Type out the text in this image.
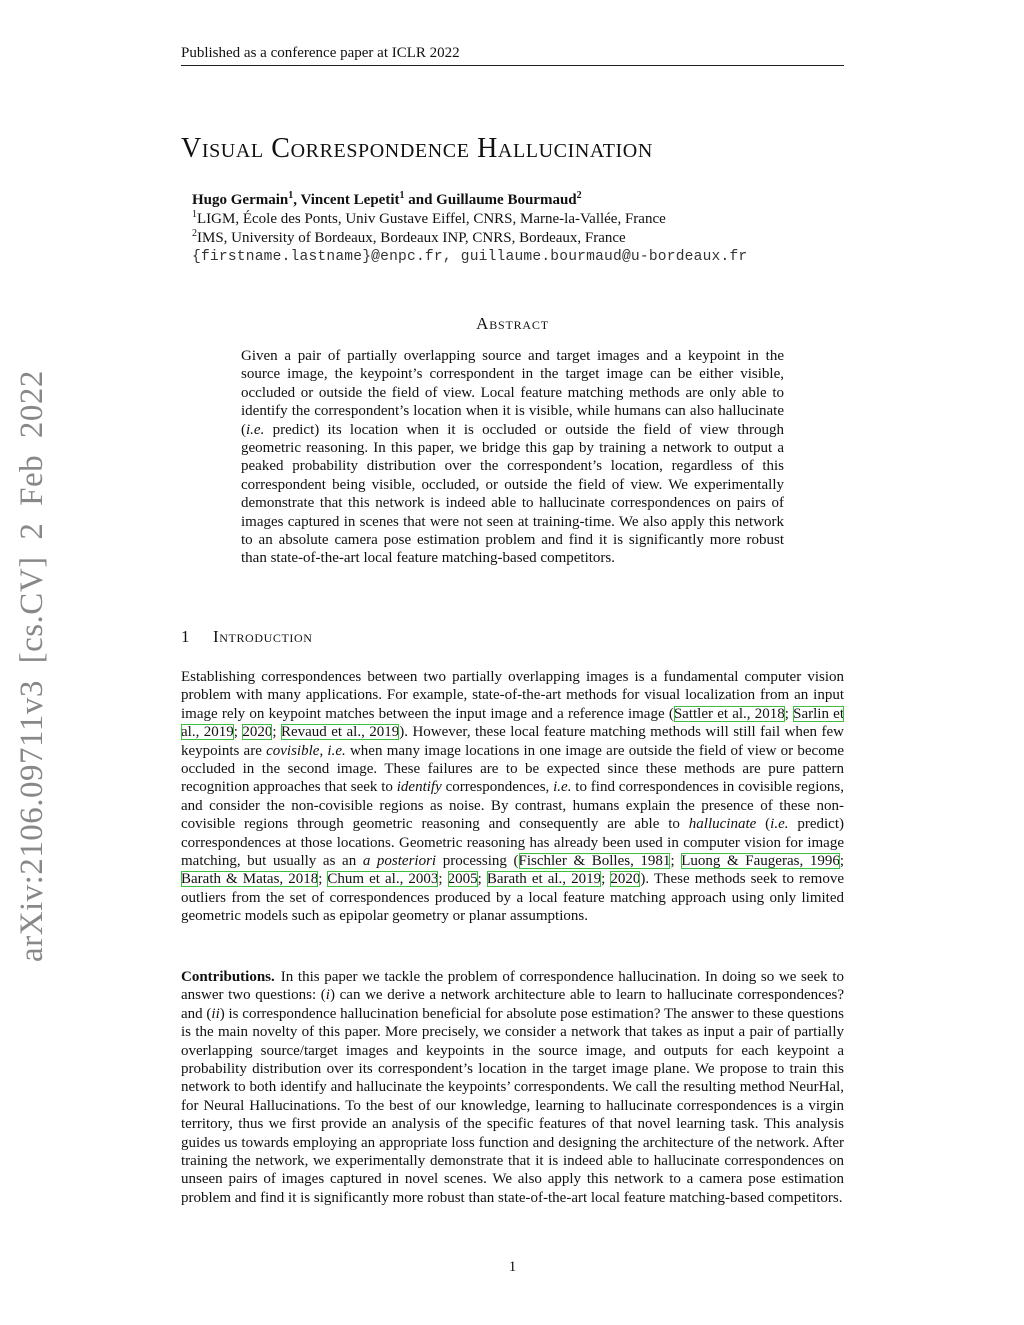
Published as a conference paper at ICLR 2022
arXiv:2106.09711v3 [cs.CV] 2 Feb 2022
Visual Correspondence Hallucination
Hugo Germain$^1$, Vincent Lepetit$^1$ and Guillaume Bourmaud$^2$
$^1$LIGM, École des Ponts, Univ Gustave Eiffel, CNRS, Marne-la-Vallée, France
$^2$IMS, University of Bordeaux, Bordeaux INP, CNRS, Bordeaux, France
{firstname.lastname}@enpc.fr, guillaume.bourmaud@u-bordeaux.fr
Abstract
Given a pair of partially overlapping source and target images and a keypoint in the source image, the keypoint’s correspondent in the target image can be either visible, occluded or outside the field of view. Local feature matching methods are only able to identify the correspondent’s location when it is visible, while humans can also hallucinate (i.e. predict) its location when it is occluded or outside the field of view through geometric reasoning. In this paper, we bridge this gap by training a network to output a peaked probability distribution over the correspondent’s location, regardless of this correspondent being visible, occluded, or outside the field of view. We experimentally demonstrate that this network is indeed able to hallucinate correspondences on pairs of images captured in scenes that were not seen at training-time. We also apply this network to an absolute camera pose estimation problem and find it is significantly more robust than state-of-the-art local feature matching-based competitors.
1 Introduction
Establishing correspondences between two partially overlapping images is a fundamental computer vision problem with many applications. For example, state-of-the-art methods for visual localization from an input image rely on keypoint matches between the input image and a reference image (Sattler et al., 2018; Sarlin et al., 2019; 2020; Revaud et al., 2019). However, these local feature matching methods will still fail when few keypoints are covisible, i.e. when many image locations in one image are outside the field of view or become occluded in the second image. These failures are to be expected since these methods are pure pattern recognition approaches that seek to identify correspondences, i.e. to find correspondences in covisible regions, and consider the non-covisible regions as noise. By contrast, humans explain the presence of these non-covisible regions through geometric reasoning and consequently are able to hallucinate (i.e. predict) correspondences at those locations. Geometric reasoning has already been used in computer vision for image matching, but usually as an a posteriori processing (Fischler & Bolles, 1981; Luong & Faugeras, 1996; Barath & Matas, 2018; Chum et al., 2003; 2005; Barath et al., 2019; 2020). These methods seek to remove outliers from the set of correspondences produced by a local feature matching approach using only limited geometric models such as epipolar geometry or planar assumptions.
Contributions. In this paper we tackle the problem of correspondence hallucination. In doing so we seek to answer two questions: (i) can we derive a network architecture able to learn to hallucinate correspondences? and (ii) is correspondence hallucination beneficial for absolute pose estimation? The answer to these questions is the main novelty of this paper. More precisely, we consider a network that takes as input a pair of partially overlapping source/target images and keypoints in the source image, and outputs for each keypoint a probability distribution over its correspondent’s location in the target image plane. We propose to train this network to both identify and hallucinate the keypoints’ correspondents. We call the resulting method NeurHal, for Neural Hallucinations. To the best of our knowledge, learning to hallucinate correspondences is a virgin territory, thus we first provide an analysis of the specific features of that novel learning task. This analysis guides us towards employing an appropriate loss function and designing the architecture of the network. After training the network, we experimentally demonstrate that it is indeed able to hallucinate correspondences on unseen pairs of images captured in novel scenes. We also apply this network to a camera pose estimation problem and find it is significantly more robust than state-of-the-art local feature matching-based competitors.
1
